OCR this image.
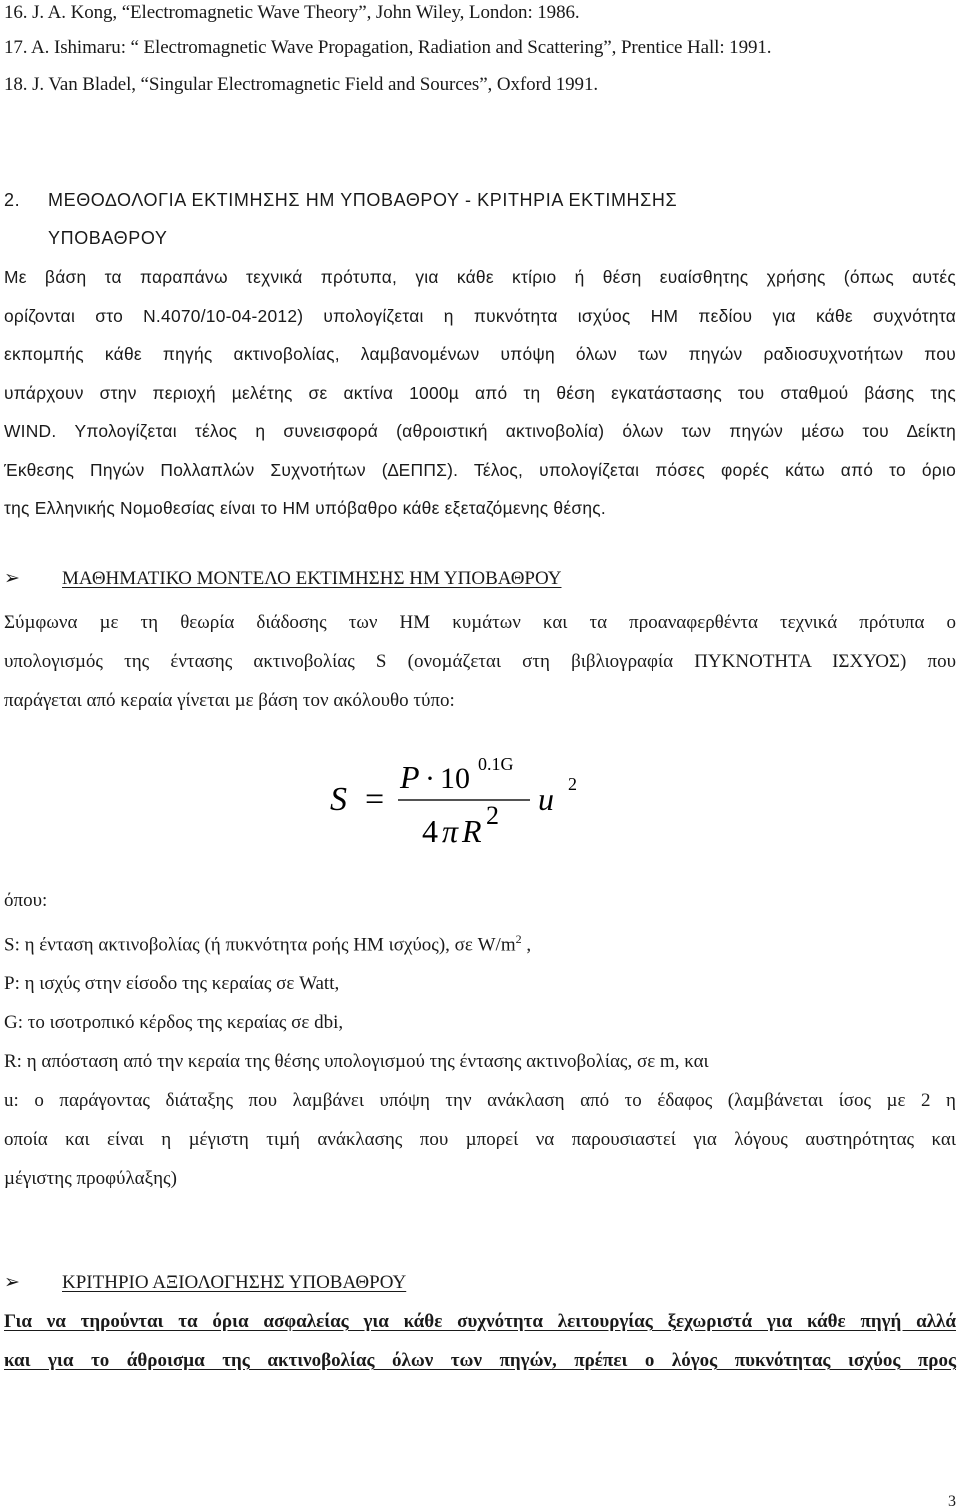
16. J. A. Kong, “Electromagnetic Wave Theory”, John Wiley, London: 1986.
17. A. Ishimaru: “ Electromagnetic Wave Propagation, Radiation and Scattering”, Prentice Hall: 1991.
18. J. Van Bladel, “Singular Electromagnetic Field and Sources”, Oxford 1991.
2. ΜΕΘΟ∆ΟΛΟΓΙΑ ΕΚΤΙΜΗΣΗΣ ΗΜ ΥΠΟΒΑΘΡΟΥ - ΚΡΙΤΗΡΙΑ ΕΚΤΙΜΗΣΗΣ
ΥΠΟΒΑΘΡΟΥ
Με βάση τα παραπάνω τεχνικά πρότυπα, για κάθε κτίριο ή θέση ευαίσθητης χρήσης (όπως αυτές
ορίζονται στο Ν.4070/10-04-2012) υπολογίζεται η πυκνότητα ισχύος ΗΜ πεδίου για κάθε συχνότητα
εκποµπής κάθε πηγής ακτινοβολίας, λαµβανοµένων υπόψη όλων των πηγών ραδιοσυχνοτήτων που
υπάρχουν στην περιοχή µελέτης σε ακτίνα 1000µ από τη θέση εγκατάστασης του σταθµού βάσης της
WIND. Υπολογίζεται τέλος η συνεισφορά (αθροιστική ακτινοβολία) όλων των πηγών µέσω του ∆είκτη
Έκθεσης Πηγών Πολλαπλών Συχνοτήτων (∆ΕΠΠΣ). Τέλος, υπολογίζεται πόσες φορές κάτω από το όριο
της Ελληνικής Νοµοθεσίας είναι το ΗΜ υπόβαθρο κάθε εξεταζόµενης θέσης.
➢	ΜΑΘΗΜΑΤΙΚΟ ΜΟΝΤΕΛΟ ΕΚΤΙΜΗΣΗΣ ΗΜ ΥΠΟΒΑΘΡΟΥ
Σύµφωνα µε τη θεωρία διάδοσης των ΗΜ κυµάτων και τα προαναφερθέντα τεχνικά πρότυπα ο
υπολογισµός της έντασης ακτινοβολίας S (ονοµάζεται στη βιβλιογραφία ΠΥΚΝΟΤΗΤΑ ΙΣΧΥΟΣ) που
παράγεται από κεραία γίνεται µε βάση τον ακόλουθο τύπο:
S =
P · 10 0.1G
4 π R 2 u 2
όπου:
S: η ένταση ακτινοβολίας (ή πυκνότητα ροής ΗΜ ισχύος), σε $W/m^2$ ,
P: η ισχύς στην είσοδο της κεραίας σε Watt,
G: το ισοτροπικό κέρδος της κεραίας σε dbi,
R: η απόσταση από την κεραία της θέσης υπολογισµού της έντασης ακτινοβολίας, σε m, και
u: ο παράγοντας διάταξης που λαµβάνει υπόψη την ανάκλαση από το έδαφος (λαµβάνεται ίσος µε 2 η
οποία και είναι η µέγιστη τιµή ανάκλασης που µπορεί να παρουσιαστεί για λόγους αυστηρότητας και
µέγιστης προφύλαξης)
➢	ΚΡΙΤΗΡΙΟ ΑΞΙΟΛΟΓΗΣΗΣ ΥΠΟΒΑΘΡΟΥ
Για να τηρούνται τα όρια ασφαλείας για κάθε συχνότητα λειτουργίας ξεχωριστά για κάθε πηγή αλλά
και για το άθροισµα της ακτινοβολίας όλων των πηγών, πρέπει ο λόγος πυκνότητας ισχύος προς
3
